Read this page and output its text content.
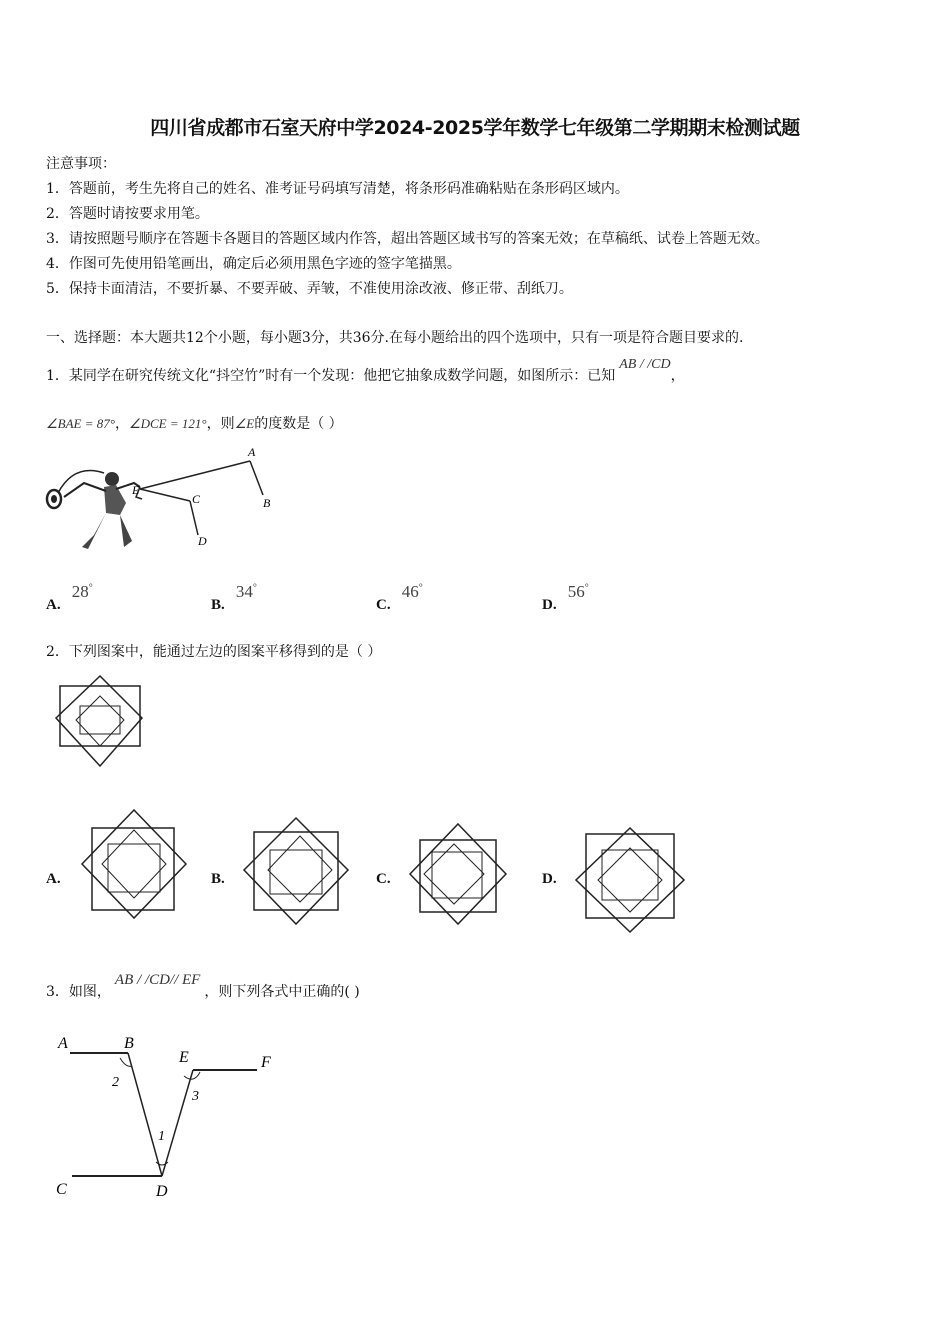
四川省成都市石室天府中学2024-2025学年数学七年级第二学期期末检测试题
注意事项：
1．答题前，考生先将自己的姓名、准考证号码填写清楚，将条形码准确粘贴在条形码区域内。
2．答题时请按要求用笔。
3．请按照题号顺序在答题卡各题目的答题区域内作答，超出答题区域书写的答案无效；在草稿纸、试卷上答题无效。
4．作图可先使用铅笔画出，确定后必须用黑色字迹的签字笔描黑。
5．保持卡面清洁，不要折暴、不要弄破、弄皱，不准使用涂改液、修正带、刮纸刀。
一、选择题：本大题共12个小题，每小题3分，共36分.在每小题给出的四个选项中，只有一项是符合题目要求的.
1．某同学在研究传统文化“抖空竹”时有一个发现：他把它抽象成数学问题，如图所示：已知AB / /CD，
∠BAE = 87°，∠DCE = 121°，则∠E的度数是（ ）
A
B
C
D
E
A. 28°
B. 34°
C. 46°
D. 56°
2．下列图案中，能通过左边的图案平移得到的是（ ）
A.	B.	C.	D.
3．如图，AB / /CD// EF，则下列各式中正确的( )
A	B
E	F
C	D
2
3
1
